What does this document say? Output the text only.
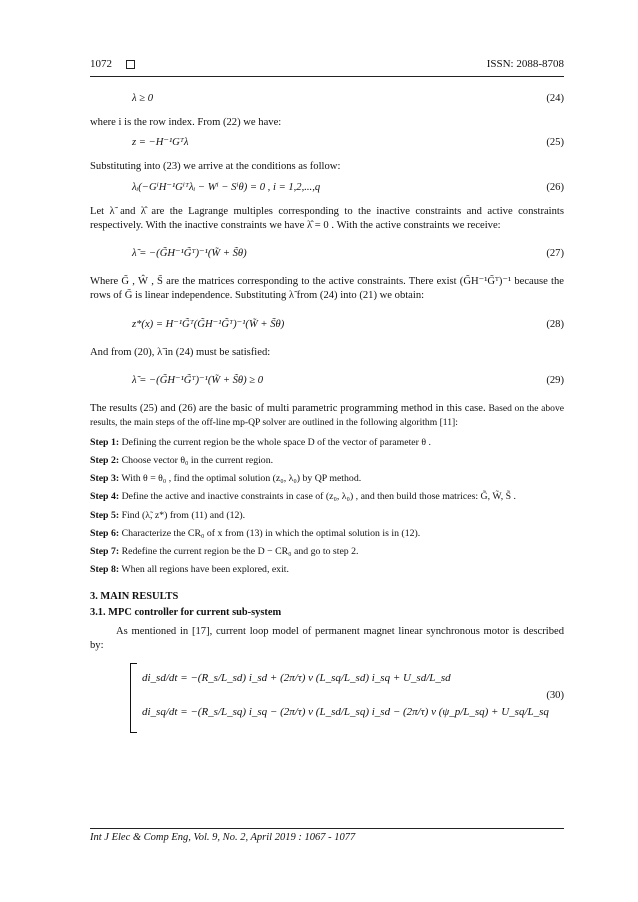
1072	ISSN: 2088-8708
λ ≥ 0	(24)

where i is the row index. From (22) we have:

z = −H⁻¹Gᵀλ	(25)

Substituting into (23) we arrive at the conditions as follow:

λᵢ(−GⁱH⁻¹Gⁱᵀλᵢ − Wⁱ − Sⁱθ) = 0 , i = 1,2,...,q	(26)

Let λ̃ and λ̂ are the Lagrange multiples corresponding to the inactive constraints and active constraints respectively. With the inactive constraints we have λ̂ = 0 . With the active constraints we receive:

λ̃ = −(G̃H⁻¹G̃ᵀ)⁻¹(W̃ + S̃θ)	(27)

Where G̃ , Ŵ , S̃ are the matrices corresponding to the active constraints. There exist (G̃H⁻¹G̃ᵀ)⁻¹ because the rows of G̃ is linear independence. Substituting λ̃ from (24) into (21) we obtain:

z*(x) = H⁻¹G̃ᵀ(G̃H⁻¹G̃ᵀ)⁻¹(W̃ + S̃θ)	(28)

And from (20), λ̃ in (24) must be satisfied:

λ̃ = −(G̃H⁻¹G̃ᵀ)⁻¹(W̃ + S̃θ) ≥ 0	(29)

The results (25) and (26) are the basic of multi parametric programming method in this case. Based on the above results, the main steps of the off-line mp-QP solver are outlined in the following algorithm [11]:

Step 1: Defining the current region be the whole space D of the vector of parameter θ .
Step 2: Choose vector θ₀ in the current region.
Step 3: With θ = θ₀ , find the optimal solution (z₀, λ₀) by QP method.
Step 4: Define the active and inactive constraints in case of (z₀, λ₀) , and then build those matrices: G̃, W̃, S̃ .
Step 5: Find (λ̃, z*) from (11) and (12).
Step 6: Characterize the CR₀ of x from (13) in which the optimal solution is in (12).
Step 7: Redefine the current region be the D − CR₀ and go to step 2.
Step 8: When all regions have been explored, exit.
3. MAIN RESULTS
3.1. MPC controller for current sub-system

As mentioned in [17], current loop model of permanent magnet linear synchronous motor is described by:

di_sd/dt = −(R_s/L_sd) i_sd + (2π/τ) v (L_sq/L_sd) i_sq + U_sd/L_sd
di_sq/dt = −(R_s/L_sq) i_sq − (2π/τ) v (L_sd/L_sq) i_sd − (2π/τ) v (ψ_p/L_sq) + U_sq/L_sq
(30)
Int J Elec & Comp Eng, Vol. 9, No. 2, April 2019 : 1067 - 1077
